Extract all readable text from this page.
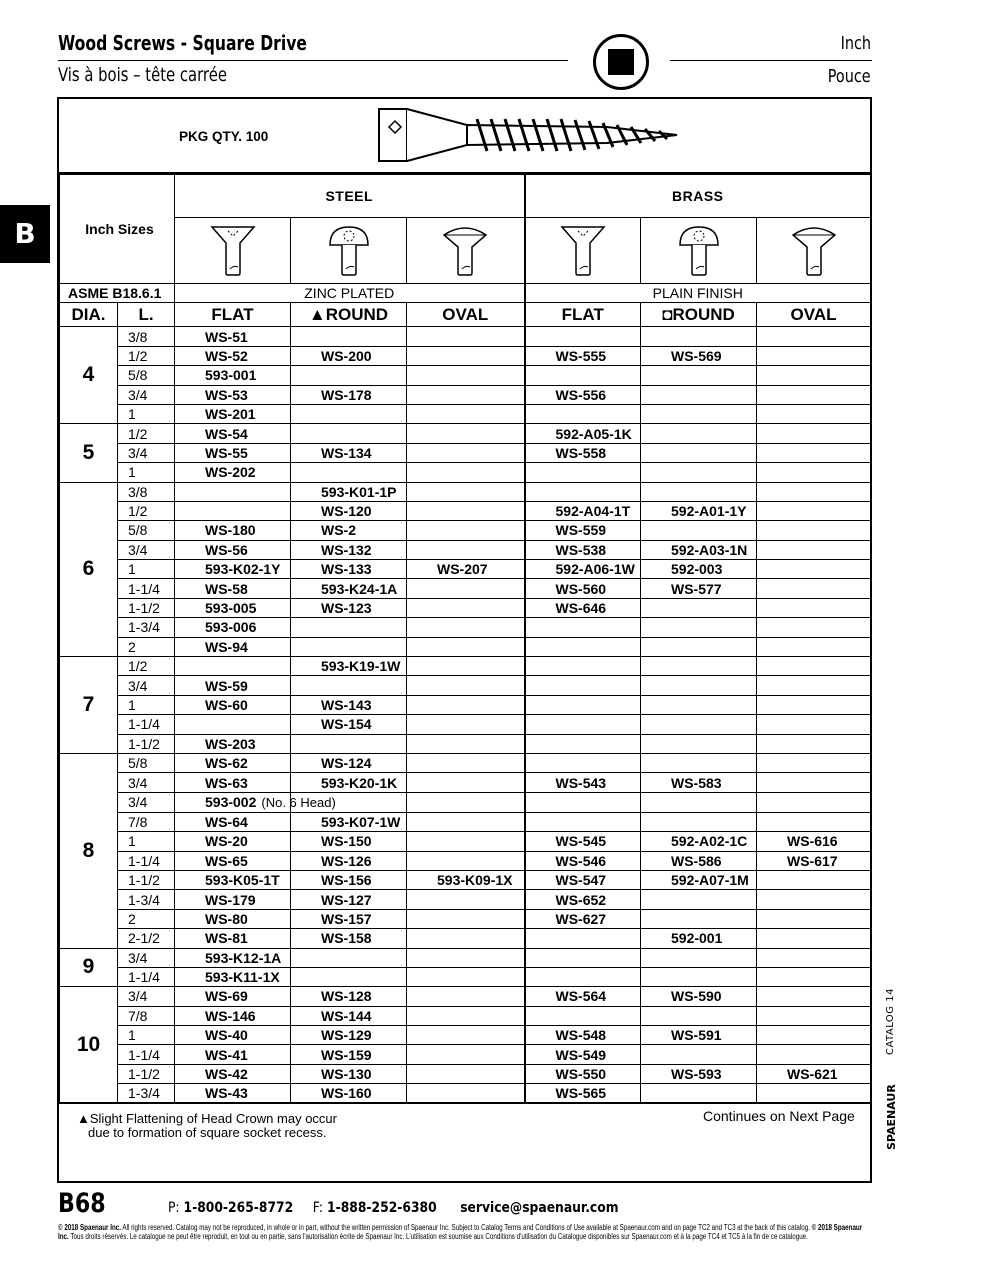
Wood Screws - Square Drive
Vis à bois – tête carrée
Inch
Pouce
B
PKG QTY. 100
Inch Sizes		STEEL			BRASS		

ASME B18.6.1		ZINC PLATED			PLAIN FINISH		
DIA.	L.	FLAT	▲ROUND	OVAL	FLAT	◘ROUND	OVAL
4	3/8	WS-51					
	1/2	WS-52	WS-200		WS-555	WS-569	
	5/8	593-001					
	3/4	WS-53	WS-178		WS-556		
	1	WS-201					
5	1/2	WS-54			592-A05-1K		
	3/4	WS-55	WS-134		WS-558		
	1	WS-202					
6	3/8		593-K01-1P				
	1/2		WS-120		592-A04-1T	592-A01-1Y	
	5/8	WS-180	WS-2		WS-559		
	3/4	WS-56	WS-132		WS-538	592-A03-1N	
	1	593-K02-1Y	WS-133	WS-207	592-A06-1W	592-003	
	1-1/4	WS-58	593-K24-1A		WS-560	WS-577	
	1-1/2	593-005	WS-123		WS-646		
	1-3/4	593-006					
	2	WS-94					
7	1/2		593-K19-1W				
	3/4	WS-59					
	1	WS-60	WS-143				
	1-1/4		WS-154				
	1-1/2	WS-203					
8	5/8	WS-62	WS-124				
	3/4	WS-63	593-K20-1K		WS-543	WS-583	
	3/4	593-002 (No. 6 Head)					
	7/8	WS-64	593-K07-1W				
	1	WS-20	WS-150		WS-545	592-A02-1C	WS-616
	1-1/4	WS-65	WS-126		WS-546	WS-586	WS-617
	1-1/2	593-K05-1T	WS-156	593-K09-1X	WS-547	592-A07-1M	
	1-3/4	WS-179	WS-127		WS-652		
	2	WS-80	WS-157		WS-627		
	2-1/2	WS-81	WS-158			592-001	
9	3/4	593-K12-1A					
	1-1/4	593-K11-1X					
10	3/4	WS-69	WS-128		WS-564	WS-590	
	7/8	WS-146	WS-144				
	1	WS-40	WS-129		WS-548	WS-591	
	1-1/4	WS-41	WS-159		WS-549		
	1-1/2	WS-42	WS-130		WS-550	WS-593	WS-621
	1-3/4	WS-43	WS-160		WS-565		
▲Slight Flattening of Head Crown may occur
due to formation of square socket recess.
Continues on Next Page
CATALOG 14
SPAENAUR
B68	P: 1-800-265-8772 F: 1-888-252-6380 service@spaenaur.com
© 2018 Spaenaur Inc. All rights reserved. Catalog may not be reproduced, in whole or in part, without the written permission of Spaenaur Inc. Subject to Catalog Terms and Conditions of Use available at Spaenaur.com and on page TC2 and TC3 at the back of this catalog. © 2018 Spaenaur Inc. Tous droits réservés. Le catalogue ne peut être reproduit, en tout ou en partie, sans l'autorisation écrite de Spaenaur Inc. L'utilisation est soumise aux Conditions d'utilisation du Catalogue disponibles sur Spaenaur.com et à la page TC4 et TC5 à la fin de ce catalogue.
